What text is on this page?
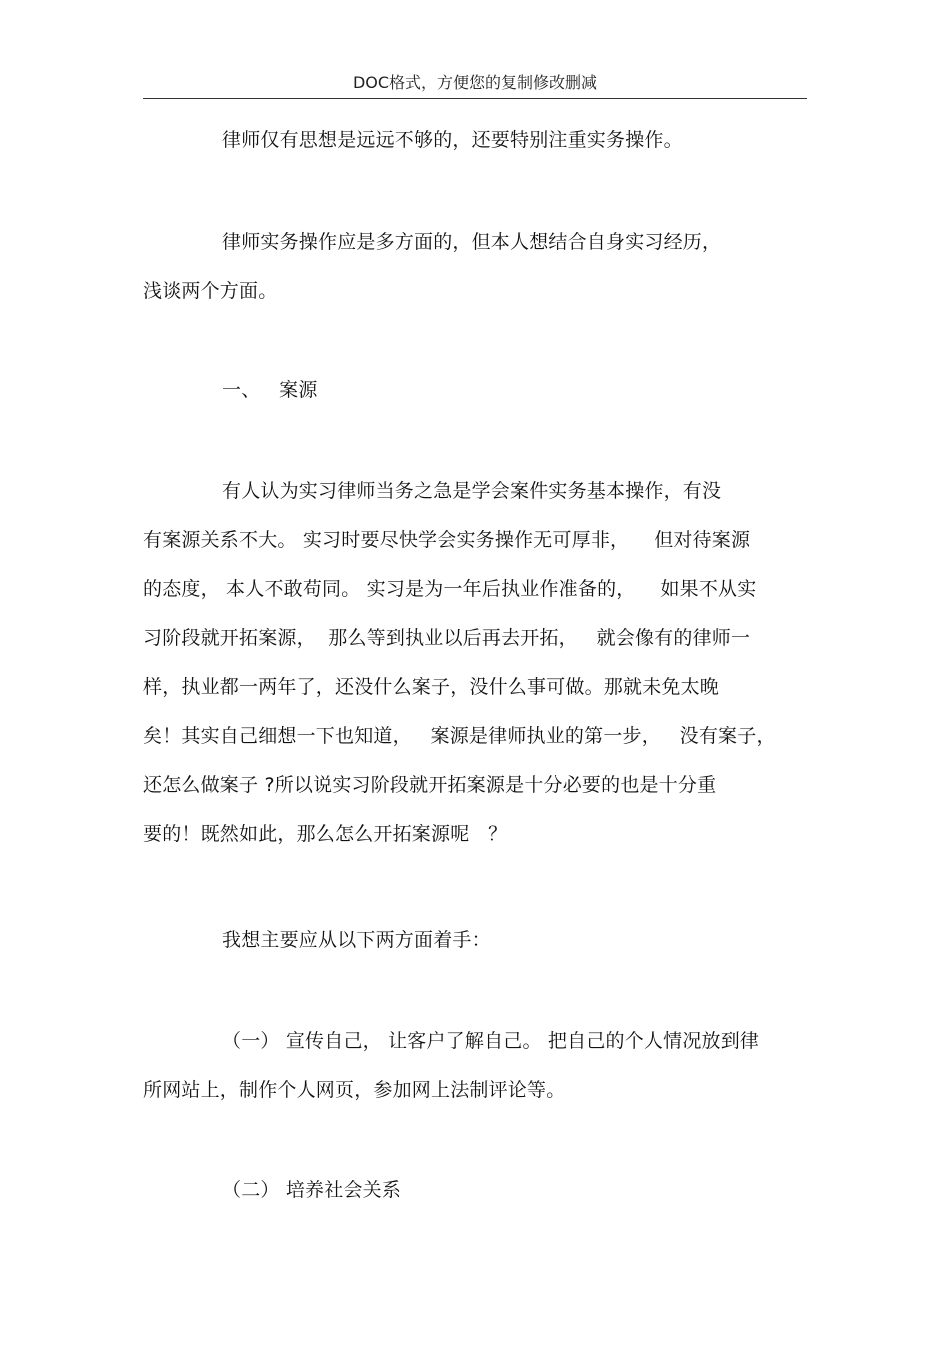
DOC格式，方便您的复制修改删减
律师仅有思想是远远不够的，还要特别注重实务操作。
律师实务操作应是多方面的，但本人想结合自身实习经历，
浅谈两个方面。
一、   案源
有人认为实习律师当务之急是学会案件实务基本操作，有没
有案源关系不大。 实习时要尽快学会实务操作无可厚非，    但对待案源
的态度， 本人不敢苟同。 实习是为一年后执业作准备的，    如果不从实
习阶段就开拓案源，  那么等到执业以后再去开拓，   就会像有的律师一
样，执业都一两年了，还没什么案子，没什么事可做。那就未免太晚
矣！其实自己细想一下也知道，   案源是律师执业的第一步，   没有案子，
还怎么做案子 ?所以说实习阶段就开拓案源是十分必要的也是十分重
要的！既然如此，那么怎么开拓案源呢   ？
我想主要应从以下两方面着手：
（一） 宣传自己， 让客户了解自己。 把自己的个人情况放到律
所网站上，制作个人网页，参加网上法制评论等。
（二） 培养社会关系
